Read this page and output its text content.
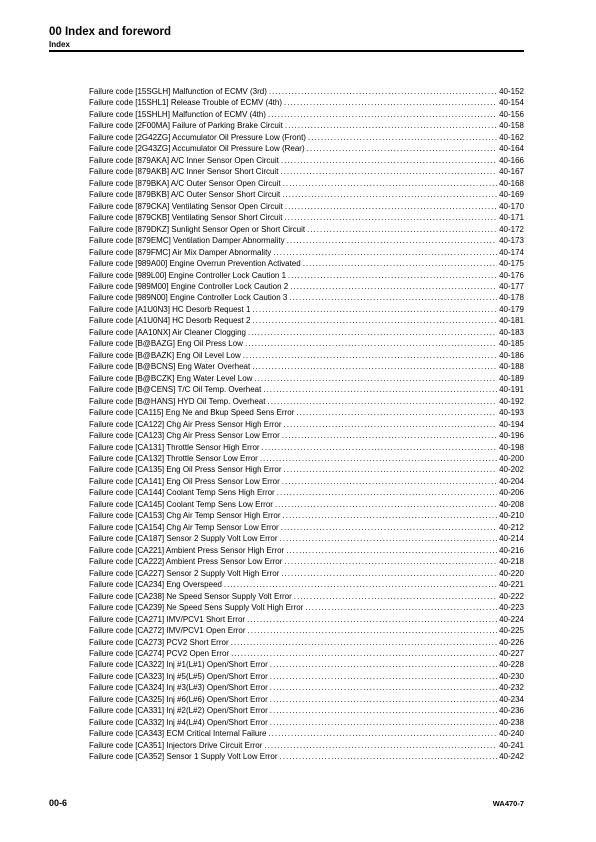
00 Index and foreword
Index
Failure code [15SGLH] Malfunction of ECMV (3rd) .....	40-152
Failure code [15SHL1] Release Trouble of ECMV (4th) .....	40-154
Failure code [15SHLH] Malfunction of ECMV (4th) .....	40-156
Failure code [2F00MA] Failure of Parking Brake Circuit .....	40-158
Failure code [2G42ZG] Accumulator Oil Pressure Low (Front) .....	40-162
Failure code [2G43ZG] Accumulator Oil Pressure Low (Rear) .....	40-164
Failure code [879AKA] A/C Inner Sensor Open Circuit .....	40-166
Failure code [879AKB] A/C Inner Sensor Short Circuit .....	40-167
Failure code [879BKA] A/C Outer Sensor Open Circuit .....	40-168
Failure code [879BKB] A/C Outer Sensor Short Circuit .....	40-169
Failure code [879CKA] Ventilating Sensor Open Circuit .....	40-170
Failure code [879CKB] Ventilating Sensor Short Circuit .....	40-171
Failure code [879DKZ] Sunlight Sensor Open or Short Circuit .....	40-172
Failure code [879EMC] Ventilation Damper Abnormality .....	40-173
Failure code [879FMC] Air Mix Damper Abnormality .....	40-174
Failure code [989A00] Engine Overrun Prevention Activated .....	40-175
Failure code [989L00] Engine Controller Lock Caution 1 .....	40-176
Failure code [989M00] Engine Controller Lock Caution 2 .....	40-177
Failure code [989N00] Engine Controller Lock Caution 3 .....	40-178
Failure code [A1U0N3] HC Desorb Request 1 .....	40-179
Failure code [A1U0N4] HC Desorb Request 2 .....	40-181
Failure code [AA10NX] Air Cleaner Clogging .....	40-183
Failure code [B@BAZG] Eng Oil Press Low .....	40-185
Failure code [B@BAZK] Eng Oil Level Low .....	40-186
Failure code [B@BCNS] Eng Water Overheat .....	40-188
Failure code [B@BCZK] Eng Water Level Low .....	40-189
Failure code [B@CENS] T/C Oil Temp. Overheat .....	40-191
Failure code [B@HANS] HYD Oil Temp. Overheat .....	40-192
Failure code [CA115] Eng Ne and Bkup Speed Sens Error .....	40-193
Failure code [CA122] Chg Air Press Sensor High Error .....	40-194
Failure code [CA123] Chg Air Press Sensor Low Error .....	40-196
Failure code [CA131] Throttle Sensor High Error .....	40-198
Failure code [CA132] Throttle Sensor Low Error .....	40-200
Failure code [CA135] Eng Oil Press Sensor High Error .....	40-202
Failure code [CA141] Eng Oil Press Sensor Low Error .....	40-204
Failure code [CA144] Coolant Temp Sens High Error .....	40-206
Failure code [CA145] Coolant Temp Sens Low Error .....	40-208
Failure code [CA153] Chg Air Temp Sensor High Error .....	40-210
Failure code [CA154] Chg Air Temp Sensor Low Error .....	40-212
Failure code [CA187] Sensor 2 Supply Volt Low Error .....	40-214
Failure code [CA221] Ambient Press Sensor High Error .....	40-216
Failure code [CA222] Ambient Press Sensor Low Error .....	40-218
Failure code [CA227] Sensor 2 Supply Volt High Error .....	40-220
Failure code [CA234] Eng Overspeed .....	40-221
Failure code [CA238] Ne Speed Sensor Supply Volt Error .....	40-222
Failure code [CA239] Ne Speed Sens Supply Volt High Error .....	40-223
Failure code [CA271] IMV/PCV1 Short Error .....	40-224
Failure code [CA272] IMV/PCV1 Open Error .....	40-225
Failure code [CA273] PCV2 Short Error .....	40-226
Failure code [CA274] PCV2 Open Error .....	40-227
Failure code [CA322] Inj #1(L#1) Open/Short Error .....	40-228
Failure code [CA323] Inj #5(L#5) Open/Short Error .....	40-230
Failure code [CA324] Inj #3(L#3) Open/Short Error .....	40-232
Failure code [CA325] Inj #6(L#6) Open/Short Error .....	40-234
Failure code [CA331] Inj #2(L#2) Open/Short Error .....	40-236
Failure code [CA332] Inj #4(L#4) Open/Short Error .....	40-238
Failure code [CA343] ECM Critical Internal Failure .....	40-240
Failure code [CA351] Injectors Drive Circuit Error .....	40-241
Failure code [CA352] Sensor 1 Supply Volt Low Error .....	40-242
00-6	WA470-7
